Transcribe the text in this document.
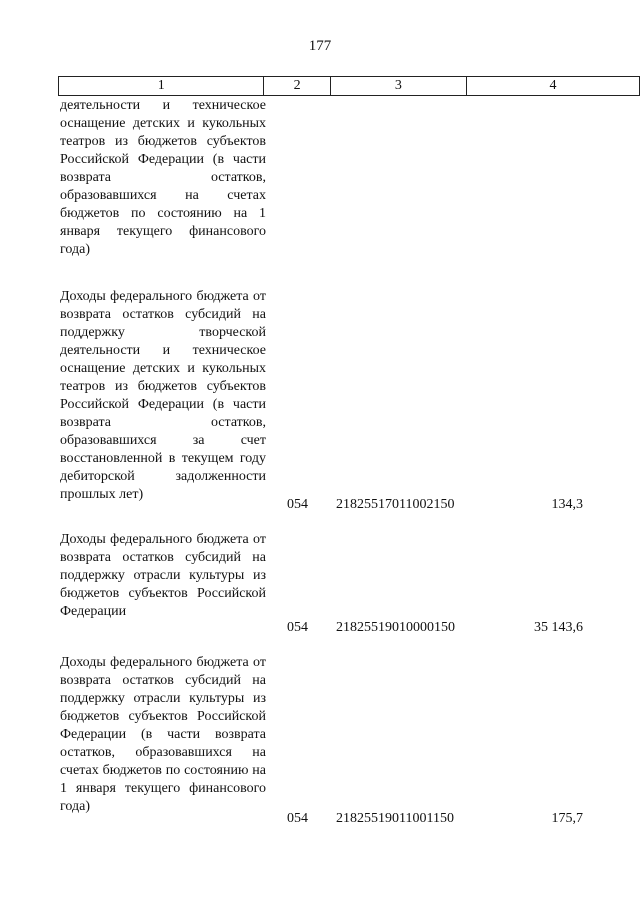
177
1	2	3	4
деятельности и техническое оснащение детских и кукольных театров из бюджетов субъектов Российской Федерации (в части возврата остатков, образовавшихся на счетах бюджетов по состоянию на 1 января текущего финансового года)
Доходы федерального бюджета от возврата остатков субсидий на поддержку творческой деятельности и техническое оснащение детских и кукольных театров из бюджетов субъектов Российской Федерации (в части возврата остатков, образовавшихся за счет восстановленной в текущем году дебиторской задолженности прошлых лет)
054 21825517011002150	134,3
Доходы федерального бюджета от возврата остатков субсидий на поддержку отрасли культуры из бюджетов субъектов Российской Федерации
054 21825519010000150	35 143,6
Доходы федерального бюджета от возврата остатков субсидий на поддержку отрасли культуры из бюджетов субъектов Российской Федерации (в части возврата остатков, образовавшихся на счетах бюджетов по состоянию на 1 января текущего финансового года)
054 21825519011001150	175,7
